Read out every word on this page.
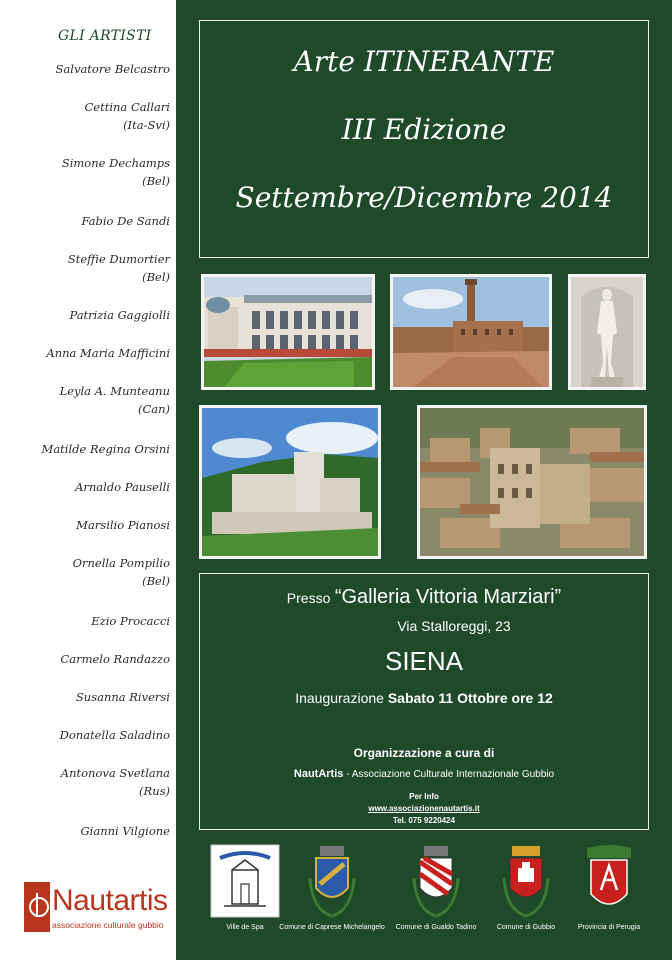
GLI ARTISTI
Salvatore Belcastro
Cettina Callari
(Ita-Svi)
Simone Dechamps
(Bel)
Fabio De Sandi
Steffie Dumortier
(Bel)
Patrizia Gaggiolli
Anna Maria Mafficini
Leyla A. Munteanu
(Can)
Matilde Regina Orsini
Arnaldo Pauselli
Marsilio Pianosi
Ornella Pompilio
(Bel)
Ezio Procacci
Carmelo Randazzo
Susanna Riversi
Donatella Saladino
Antonova Svetlana
(Rus)
Gianni Vilgione
Nautartis
associazione culturale gubbio
Arte ITINERANTE
III Edizione
Settembre/Dicembre 2014
Presso “Galleria Vittoria Marziari”
Via Stalloreggi, 23
SIENA
Inaugurazione Sabato 11 Ottobre ore 12
Organizzazione a cura di
NautArtis - Associazione Culturale Internazionale Gubbio
Per Info
www.associazionenautartis.it
Tel. 075 9220424
Ville de Spa	Comune di Caprese Michelangelo	Comune di Gualdo Tadino	Comune di Gubbio	Provincia di Perugia
